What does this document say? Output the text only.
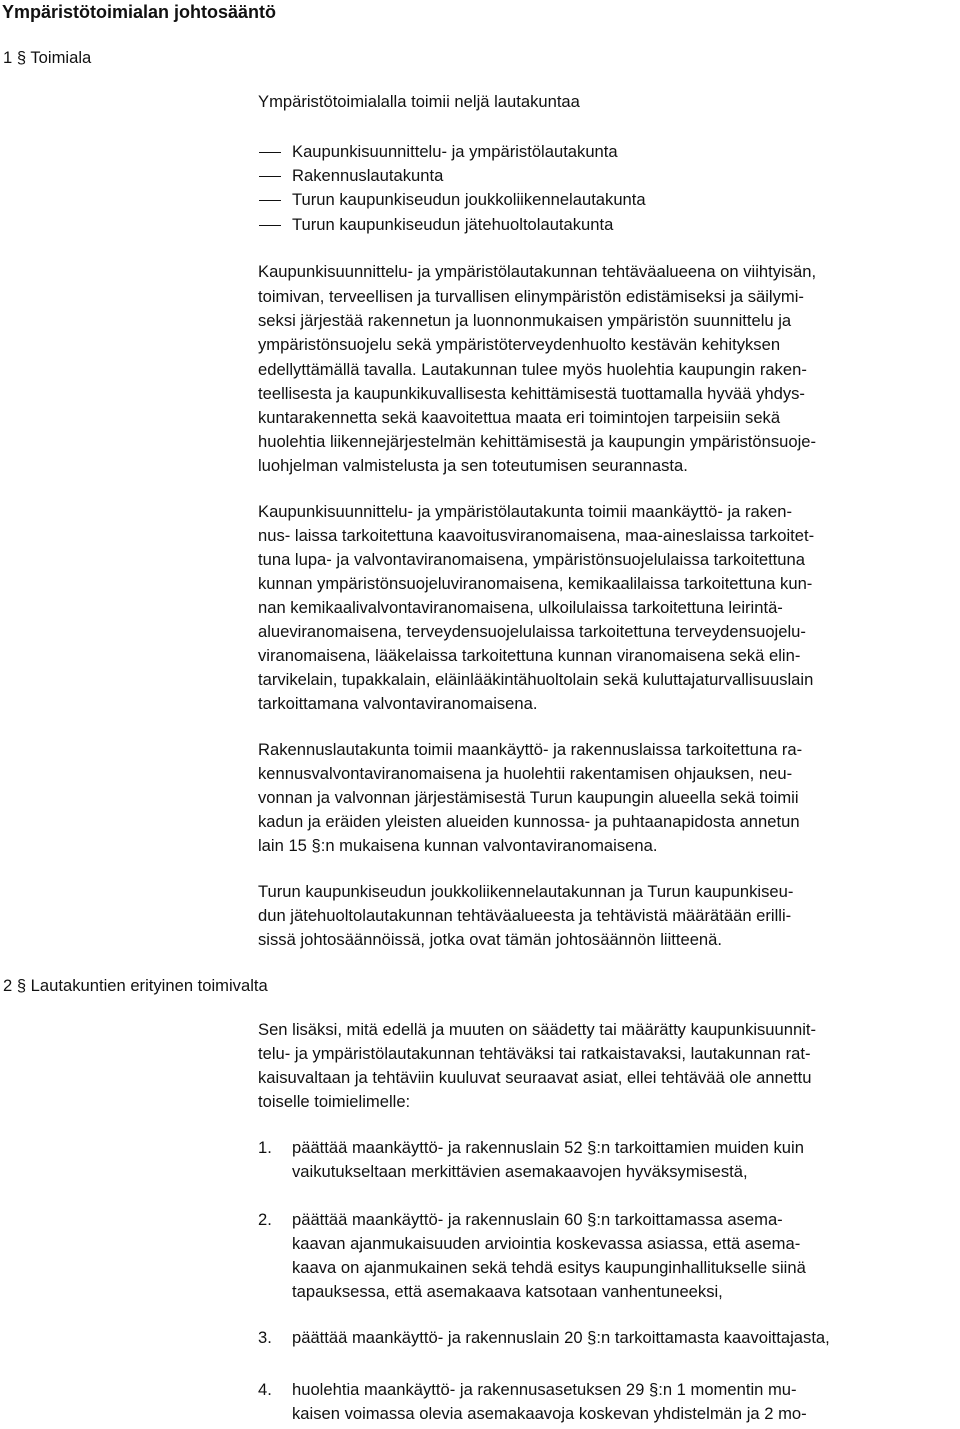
Ympäristötoimialan johtosääntö
1 § Toimiala
Ympäristötoimialalla toimii neljä lautakuntaa
Kaupunkisuunnittelu- ja ympäristölautakunta
Rakennuslautakunta
Turun kaupunkiseudun joukkoliikennelautakunta
Turun kaupunkiseudun jätehuoltolautakunta
Kaupunkisuunnittelu- ja ympäristölautakunnan tehtäväalueena on viihtyisän,
toimivan, terveellisen ja turvallisen elinympäristön edistämiseksi ja säilymi-
seksi järjestää rakennetun ja luonnonmukaisen ympäristön suunnittelu ja
ympäristönsuojelu sekä ympäristöterveydenhuolto kestävän kehityksen
edellyttämällä tavalla. Lautakunnan tulee myös huolehtia kaupungin raken-
teellisesta ja kaupunkikuvallisesta kehittämisestä tuottamalla hyvää yhdys-
kuntarakennetta sekä kaavoitettua maata eri toimintojen tarpeisiin sekä
huolehtia liikennejärjestelmän kehittämisestä ja kaupungin ympäristönsuoje-
luohjelman valmistelusta ja sen toteutumisen seurannasta.
Kaupunkisuunnittelu- ja ympäristölautakunta toimii maankäyttö- ja raken-
nus- laissa tarkoitettuna kaavoitusviranomaisena, maa-aineslaissa tarkoitet-
tuna lupa- ja valvontaviranomaisena, ympäristönsuojelulaissa tarkoitettuna
kunnan ympäristönsuojeluviranomaisena, kemikaalilaissa tarkoitettuna kun-
nan kemikaalivalvontaviranomaisena, ulkoilulaissa tarkoitettuna leirintä-
alueviranomaisena, terveydensuojelulaissa tarkoitettuna terveydensuojelu-
viranomaisena, lääkelaissa tarkoitettuna kunnan viranomaisena sekä elin-
tarvikelain, tupakkalain, eläinlääkintähuoltolain sekä kuluttajaturvallisuuslain
tarkoittamana valvontaviranomaisena.
Rakennuslautakunta toimii maankäyttö- ja rakennuslaissa tarkoitettuna ra-
kennusvalvontaviranomaisena ja huolehtii rakentamisen ohjauksen, neu-
vonnan ja valvonnan järjestämisestä Turun kaupungin alueella sekä toimii
kadun ja eräiden yleisten alueiden kunnossa- ja puhtaanapidosta annetun
lain 15 §:n mukaisena kunnan valvontaviranomaisena.
Turun kaupunkiseudun joukkoliikennelautakunnan ja Turun kaupunkiseu-
dun jätehuoltolautakunnan tehtäväalueesta ja tehtävistä määrätään erilli-
sissä johtosäännöissä, jotka ovat tämän johtosäännön liitteenä.
2 § Lautakuntien erityinen toimivalta
Sen lisäksi, mitä edellä ja muuten on säädetty tai määrätty kaupunkisuunnit-
telu- ja ympäristölautakunnan tehtäväksi tai ratkaistavaksi, lautakunnan rat-
kaisuvaltaan ja tehtäviin kuuluvat seuraavat asiat, ellei tehtävää ole annettu
toiselle toimielimelle:
1. päättää maankäyttö- ja rakennuslain 52 §:n tarkoittamien muiden kuin
vaikutukseltaan merkittävien asemakaavojen hyväksymisestä,
2. päättää maankäyttö- ja rakennuslain 60 §:n tarkoittamassa asema-
kaavan ajanmukaisuuden arviointia koskevassa asiassa, että asema-
kaava on ajanmukainen sekä tehdä esitys kaupunginhallitukselle siinä
tapauksessa, että asemakaava katsotaan vanhentuneeksi,
3. päättää maankäyttö- ja rakennuslain 20 §:n tarkoittamasta kaavoittajasta,
4. huolehtia maankäyttö- ja rakennusasetuksen 29 §:n 1 momentin mu-
kaisen voimassa olevia asemakaavoja koskevan yhdistelmän ja 2 mo-
